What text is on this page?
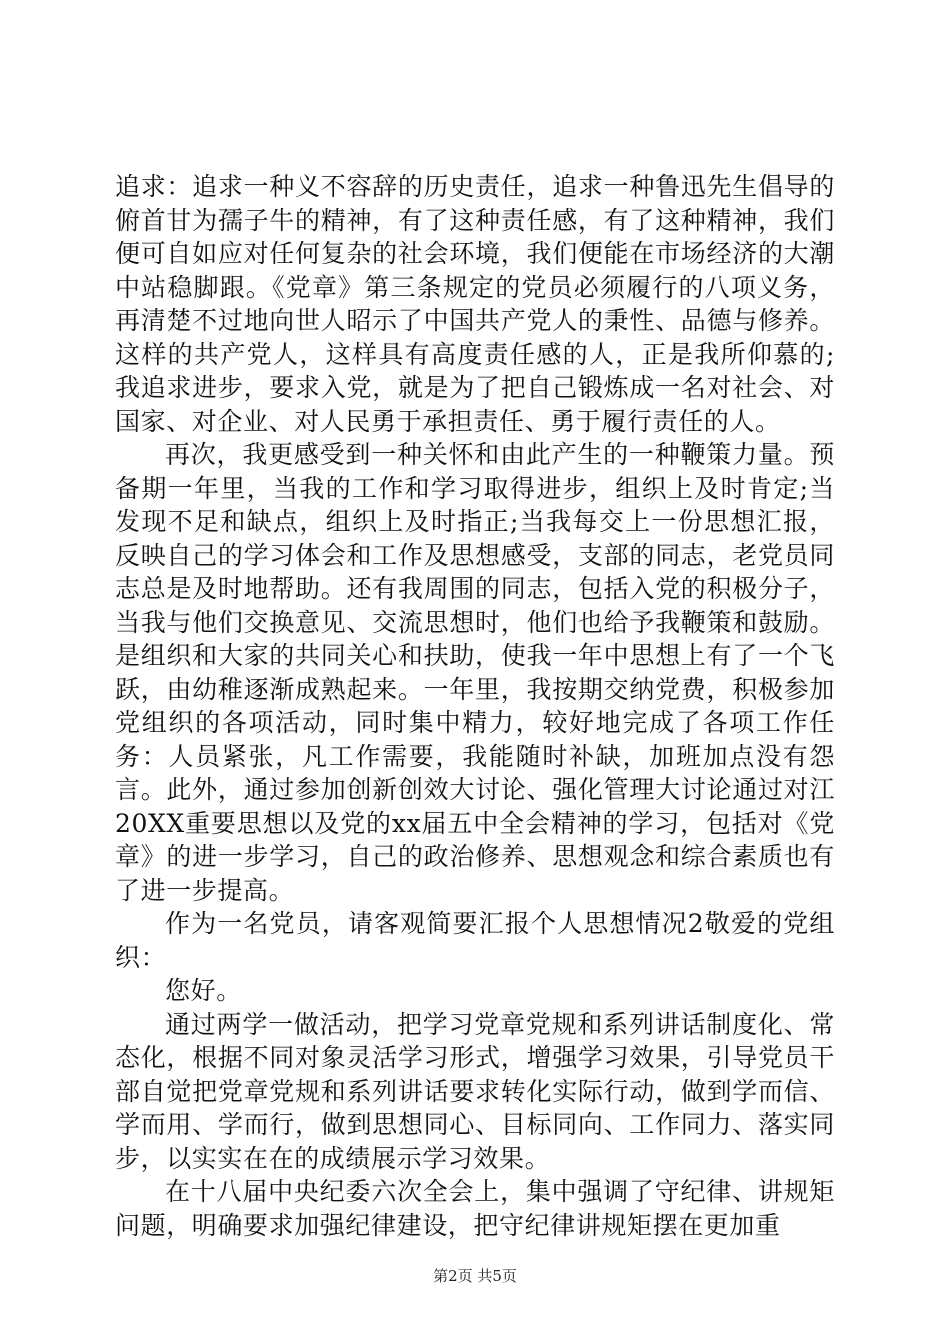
追求：追求一种义不容辞的历史责任，追求一种鲁迅先生倡导的俯首甘为孺子牛的精神，有了这种责任感，有了这种精神，我们便可自如应对任何复杂的社会环境，我们便能在市场经济的大潮中站稳脚跟。《党章》第三条规定的党员必须履行的八项义务，再清楚不过地向世人昭示了中国共产党人的秉性、品德与修养。这样的共产党人，这样具有高度责任感的人，正是我所仰慕的;我追求进步，要求入党，就是为了把自己锻炼成一名对社会、对国家、对企业、对人民勇于承担责任、勇于履行责任的人。

再次，我更感受到一种关怀和由此产生的一种鞭策力量。预备期一年里，当我的工作和学习取得进步，组织上及时肯定;当发现不足和缺点，组织上及时指正;当我每交上一份思想汇报，反映自己的学习体会和工作及思想感受，支部的同志，老党员同志总是及时地帮助。还有我周围的同志，包括入党的积极分子，当我与他们交换意见、交流思想时，他们也给予我鞭策和鼓励。是组织和大家的共同关心和扶助，使我一年中思想上有了一个飞跃，由幼稚逐渐成熟起来。一年里，我按期交纳党费，积极参加党组织的各项活动，同时集中精力，较好地完成了各项工作任务：人员紧张，凡工作需要，我能随时补缺，加班加点没有怨言。此外，通过参加创新创效大讨论、强化管理大讨论通过对江20XX重要思想以及党的xx届五中全会精神的学习，包括对《党章》的进一步学习，自己的政治修养、思想观念和综合素质也有了进一步提高。

作为一名党员，请客观简要汇报个人思想情况2敬爱的党组织：

您好。

通过两学一做活动，把学习党章党规和系列讲话制度化、常态化，根据不同对象灵活学习形式，增强学习效果，引导党员干部自觉把党章党规和系列讲话要求转化实际行动，做到学而信、学而用、学而行，做到思想同心、目标同向、工作同力、落实同步，以实实在在的成绩展示学习效果。

在十八届中央纪委六次全会上，集中强调了守纪律、讲规矩问题，明确要求加强纪律建设，把守纪律讲规矩摆在更加重

第2页 共5页
